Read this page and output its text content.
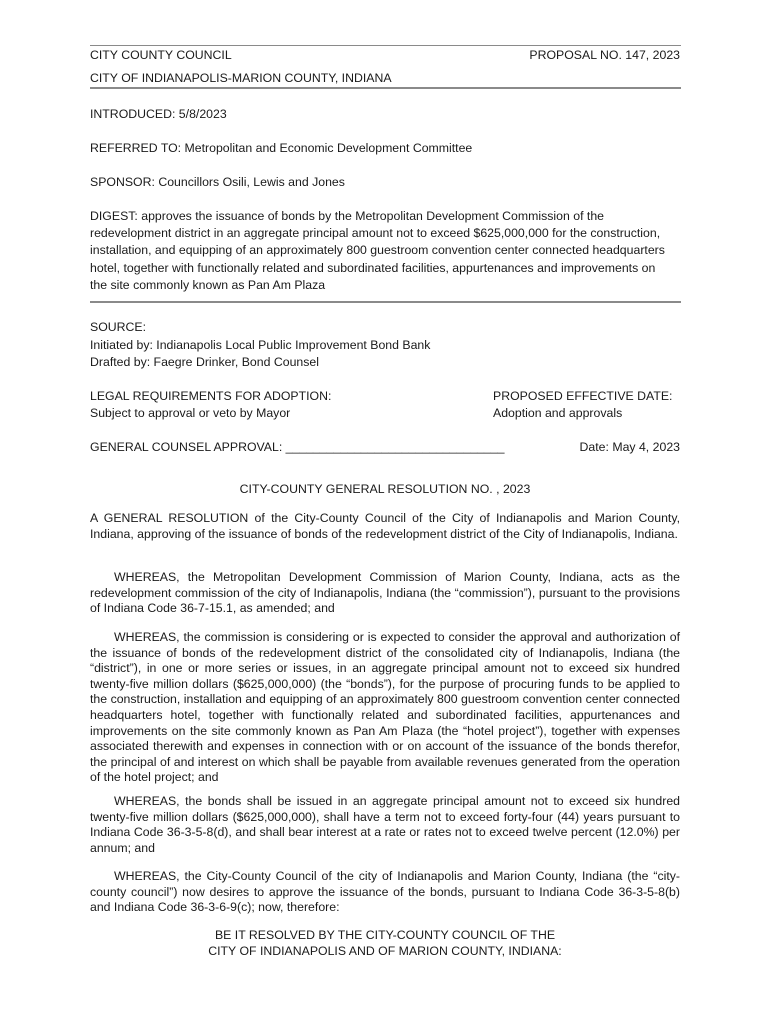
CITY COUNTY COUNCIL	PROPOSAL NO. 147, 2023
CITY OF INDIANAPOLIS-MARION COUNTY, INDIANA
INTRODUCED: 5/8/2023
REFERRED TO: Metropolitan and Economic Development Committee
SPONSOR: Councillors Osili, Lewis and Jones
DIGEST: approves the issuance of bonds by the Metropolitan Development Commission of the
redevelopment district in an aggregate principal amount not to exceed $625,000,000 for the construction,
installation, and equipping of an approximately 800 guestroom convention center connected headquarters
hotel, together with functionally related and subordinated facilities, appurtenances and improvements on
the site commonly known as Pan Am Plaza
SOURCE:
Initiated by: Indianapolis Local Public Improvement Bond Bank
Drafted by: Faegre Drinker, Bond Counsel
LEGAL REQUIREMENTS FOR ADOPTION:
Subject to approval or veto by Mayor
PROPOSED EFFECTIVE DATE:
Adoption and approvals
GENERAL COUNSEL APPROVAL: ________________________________	Date: May 4, 2023
CITY-COUNTY GENERAL RESOLUTION NO. , 2023
A GENERAL RESOLUTION of the City-County Council of the City of Indianapolis and Marion County, Indiana, approving of the issuance of bonds of the redevelopment district of the City of Indianapolis, Indiana.
WHEREAS, the Metropolitan Development Commission of Marion County, Indiana, acts as the redevelopment commission of the city of Indianapolis, Indiana (the “commission”), pursuant to the provisions of Indiana Code 36-7-15.1, as amended; and
WHEREAS, the commission is considering or is expected to consider the approval and authorization of the issuance of bonds of the redevelopment district of the consolidated city of Indianapolis, Indiana (the “district”), in one or more series or issues, in an aggregate principal amount not to exceed six hundred twenty-five million dollars ($625,000,000) (the “bonds”), for the purpose of procuring funds to be applied to the construction, installation and equipping of an approximately 800 guestroom convention center connected headquarters hotel, together with functionally related and subordinated facilities, appurtenances and improvements on the site commonly known as Pan Am Plaza (the “hotel project”), together with expenses associated therewith and expenses in connection with or on account of the issuance of the bonds therefor, the principal of and interest on which shall be payable from available revenues generated from the operation of the hotel project; and
WHEREAS, the bonds shall be issued in an aggregate principal amount not to exceed six hundred twenty-five million dollars ($625,000,000), shall have a term not to exceed forty-four (44) years pursuant to Indiana Code 36-3-5-8(d), and shall bear interest at a rate or rates not to exceed twelve percent (12.0%) per annum; and
WHEREAS, the City-County Council of the city of Indianapolis and Marion County, Indiana (the “city-county council”) now desires to approve the issuance of the bonds, pursuant to Indiana Code 36-3-5-8(b) and Indiana Code 36-3-6-9(c); now, therefore:
BE IT RESOLVED BY THE CITY-COUNTY COUNCIL OF THE
CITY OF INDIANAPOLIS AND OF MARION COUNTY, INDIANA:
